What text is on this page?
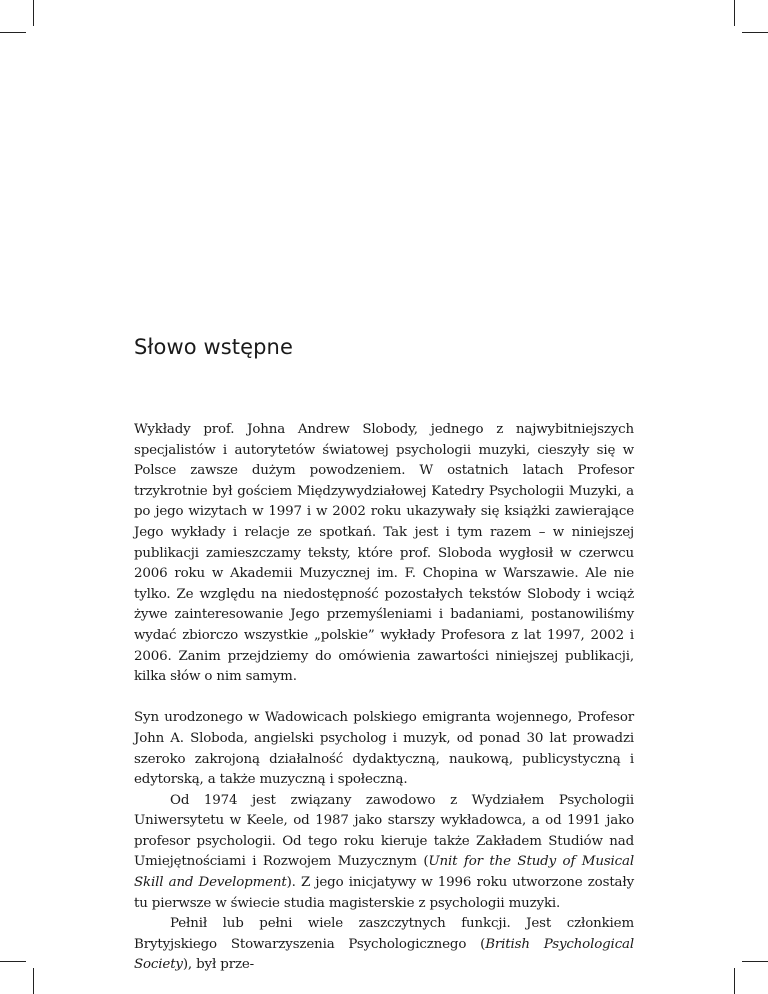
Słowo wstępne

Wykłady prof. Johna Andrew Slobody, jednego z najwybitniejszych specjalistów i autorytetów światowej psychologii muzyki, cieszyły się w Polsce zawsze dużym powodzeniem. W ostatnich latach Profesor trzykrotnie był gościem Międzywydziałowej Katedry Psychologii Muzyki, a po jego wizytach w 1997 i w 2002 roku ukazywały się książki zawierające Jego wykłady i relacje ze spotkań. Tak jest i tym razem – w niniejszej publikacji zamieszczamy teksty, które prof. Sloboda wygłosił w czerwcu 2006 roku w Akademii Muzycznej im. F. Chopina w Warszawie. Ale nie tylko. Ze względu na niedostępność pozostałych tekstów Slobody i wciąż żywe zainteresowanie Jego przemyśleniami i badaniami, postanowiliśmy wydać zbiorczo wszystkie „polskie” wykłady Profesora z lat 1997, 2002 i 2006. Zanim przejdziemy do omówienia zawartości niniejszej publikacji, kilka słów o nim samym.

Syn urodzonego w Wadowicach polskiego emigranta wojennego, Profesor John A. Sloboda, angielski psycholog i muzyk, od ponad 30 lat prowadzi szeroko zakrojoną działalność dydaktyczną, naukową, publicystyczną i edytorską, a także muzyczną i społeczną.

Od 1974 jest związany zawodowo z Wydziałem Psychologii Uniwersytetu w Keele, od 1987 jako starszy wykładowca, a od 1991 jako profesor psychologii. Od tego roku kieruje także Zakładem Studiów nad Umiejętnościami i Rozwojem Muzycznym (Unit for the Study of Musical Skill and Development). Z jego inicjatywy w 1996 roku utworzone zostały tu pierwsze w świecie studia magisterskie z psychologii muzyki.

Pełnił lub pełni wiele zaszczytnych funkcji. Jest członkiem Brytyjskiego Stowarzyszenia Psychologicznego (British Psychological Society), był prze-
